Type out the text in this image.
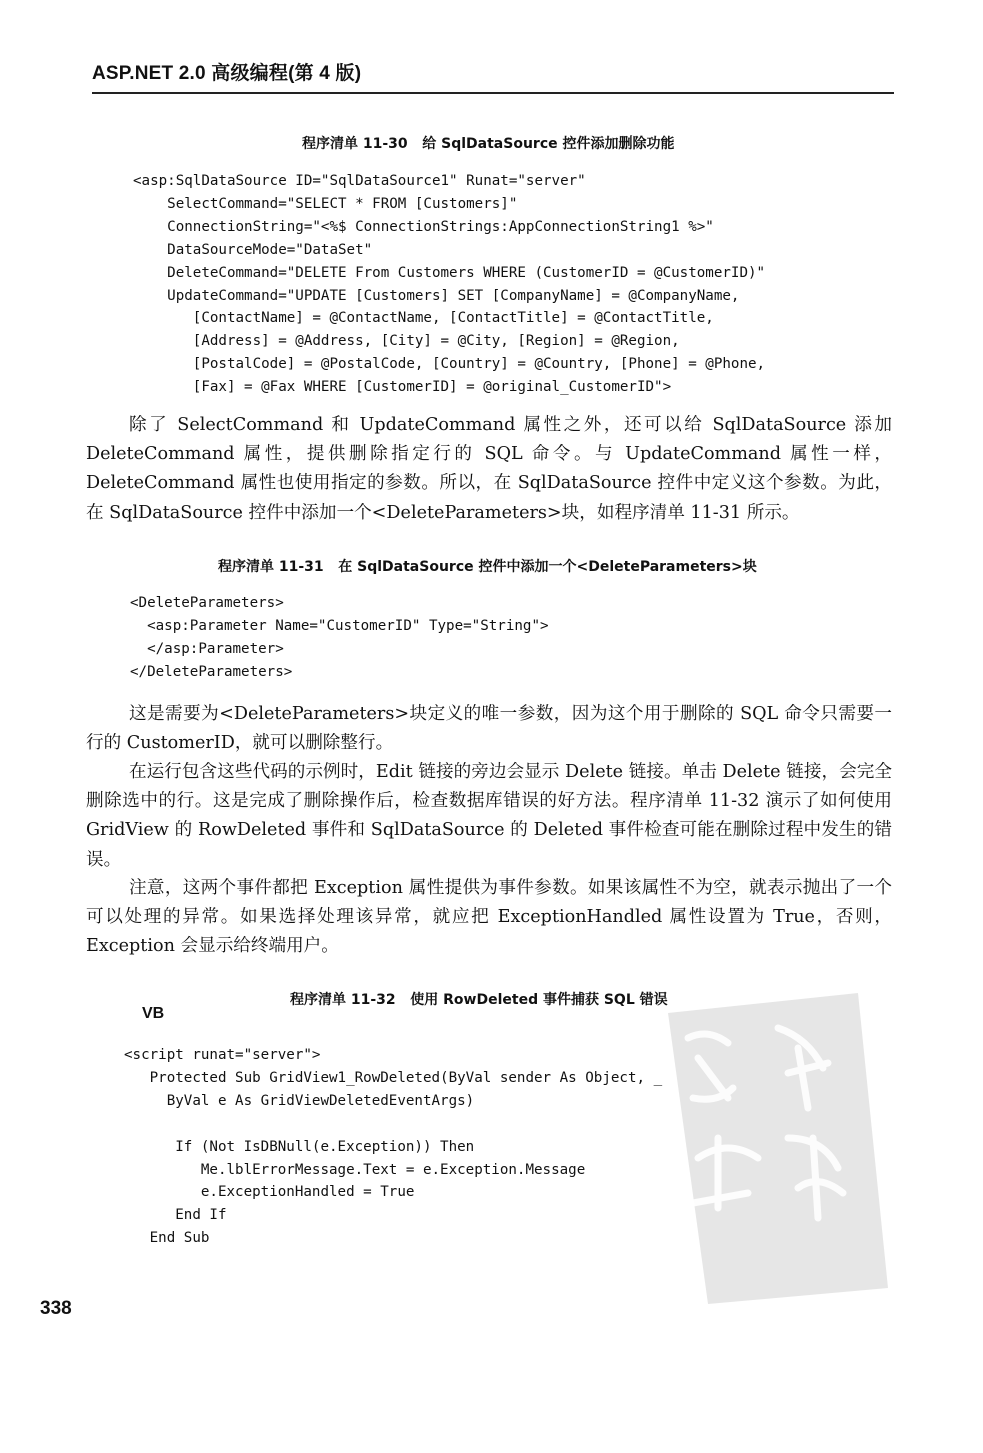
ASP.NET 2.0 高级编程(第 4 版)
程序清单 11-30   给 SqlDataSource 控件添加删除功能
<asp:SqlDataSource ID="SqlDataSource1" Runat="server"
SelectCommand="SELECT * FROM [Customers]"
ConnectionString="<%$ ConnectionStrings:AppConnectionString1 %>"
DataSourceMode="DataSet"
DeleteCommand="DELETE From Customers WHERE (CustomerID = @CustomerID)"
UpdateCommand="UPDATE [Customers] SET [CompanyName] = @CompanyName,
[ContactName] = @ContactName, [ContactTitle] = @ContactTitle,
[Address] = @Address, [City] = @City, [Region] = @Region,
[PostalCode] = @PostalCode, [Country] = @Country, [Phone] = @Phone,
[Fax] = @Fax WHERE [CustomerID] = @original_CustomerID">

除了 SelectCommand 和 UpdateCommand 属性之外，还可以给 SqlDataSource 添加 DeleteCommand 属性，提供删除指定行的 SQL 命令。与 UpdateCommand 属性一样，DeleteCommand 属性也使用指定的参数。所以，在 SqlDataSource 控件中定义这个参数。为此，在 SqlDataSource 控件中添加一个<DeleteParameters>块，如程序清单 11-31 所示。

程序清单 11-31   在 SqlDataSource 控件中添加一个<DeleteParameters>块
<DeleteParameters>
<asp:Parameter Name="CustomerID" Type="String">
</asp:Parameter>
</DeleteParameters>

这是需要为<DeleteParameters>块定义的唯一参数，因为这个用于删除的 SQL 命令只需要一行的 CustomerID，就可以删除整行。

在运行包含这些代码的示例时，Edit 链接的旁边会显示 Delete 链接。单击 Delete 链接，会完全删除选中的行。这是完成了删除操作后，检查数据库错误的好方法。程序清单 11-32 演示了如何使用 GridView 的 RowDeleted 事件和 SqlDataSource 的 Deleted 事件检查可能在删除过程中发生的错误。

注意，这两个事件都把 Exception 属性提供为事件参数。如果该属性不为空，就表示抛出了一个可以处理的异常。如果选择处理该异常，就应把 ExceptionHandled 属性设置为 True，否则，Exception 会显示给终端用户。

程序清单 11-32   使用 RowDeleted 事件捕获 SQL 错误
VB
<script runat="server">
Protected Sub GridView1_RowDeleted(ByVal sender As Object, _
ByVal e As GridViewDeletedEventArgs)

If (Not IsDBNull(e.Exception)) Then
Me.lblErrorMessage.Text = e.Exception.Message
e.ExceptionHandled = True
End If
End Sub
338
